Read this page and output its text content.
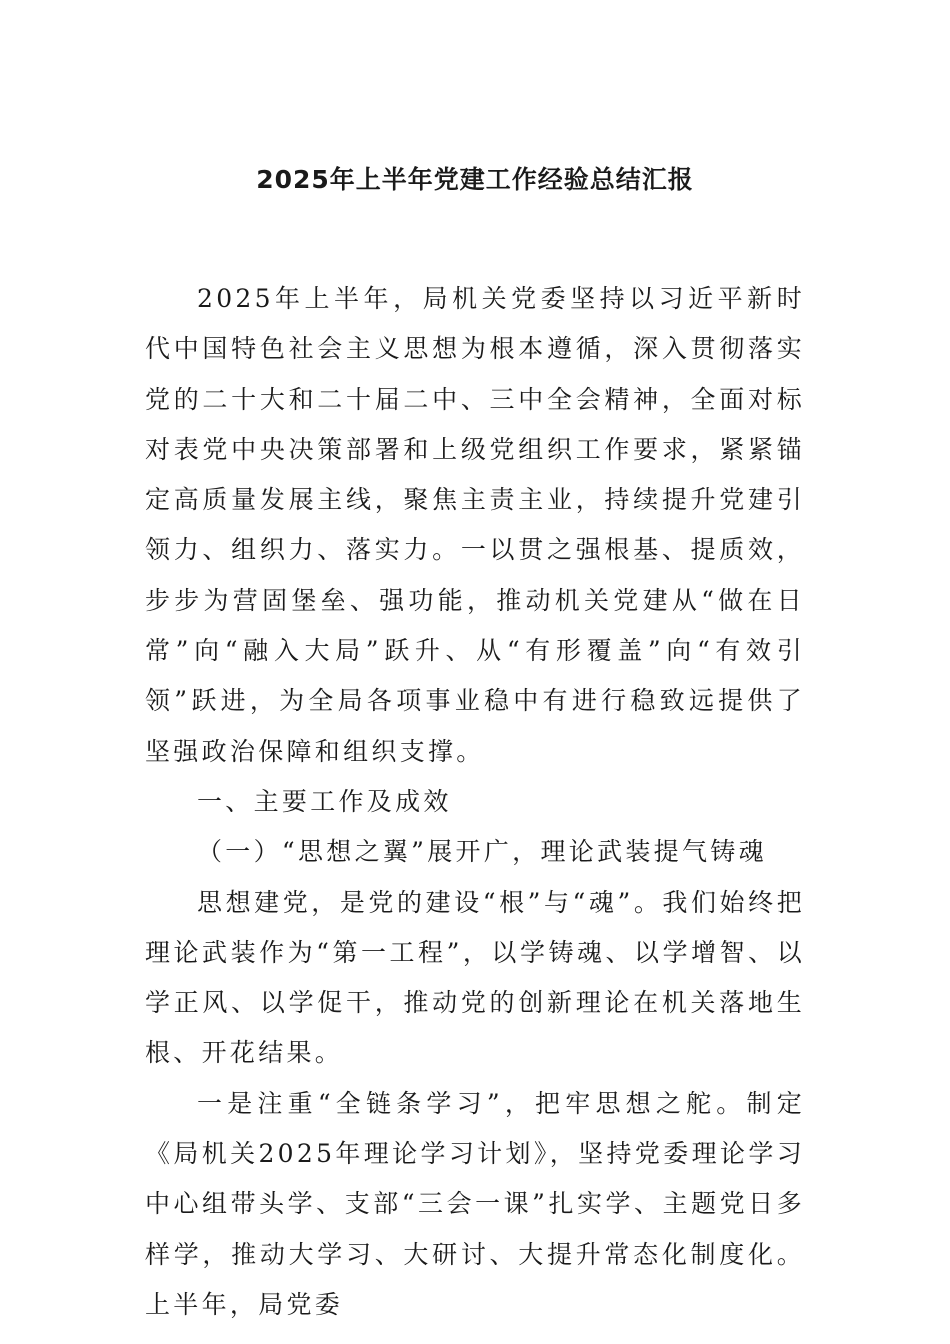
2025年上半年党建工作经验总结汇报

2025年上半年，局机关党委坚持以习近平新时代中国特色社会主义思想为根本遵循，深入贯彻落实党的二十大和二十届二中、三中全会精神，全面对标对表党中央决策部署和上级党组织工作要求，紧紧锚定高质量发展主线，聚焦主责主业，持续提升党建引领力、组织力、落实力。一以贯之强根基、提质效，步步为营固堡垒、强功能，推动机关党建从“做在日常”向“融入大局”跃升、从“有形覆盖”向“有效引领”跃进，为全局各项事业稳中有进行稳致远提供了坚强政治保障和组织支撑。

一、主要工作及成效

（一）“思想之翼”展开广，理论武装提气铸魂

思想建党，是党的建设“根”与“魂”。我们始终把理论武装作为“第一工程”，以学铸魂、以学增智、以学正风、以学促干，推动党的创新理论在机关落地生根、开花结果。

一是注重“全链条学习”，把牢思想之舵。制定《局机关2025年理论学习计划》，坚持党委理论学习中心组带头学、支部“三会一课”扎实学、主题党日多样学，推动大学习、大研讨、大提升常态化制度化。上半年，局党委
